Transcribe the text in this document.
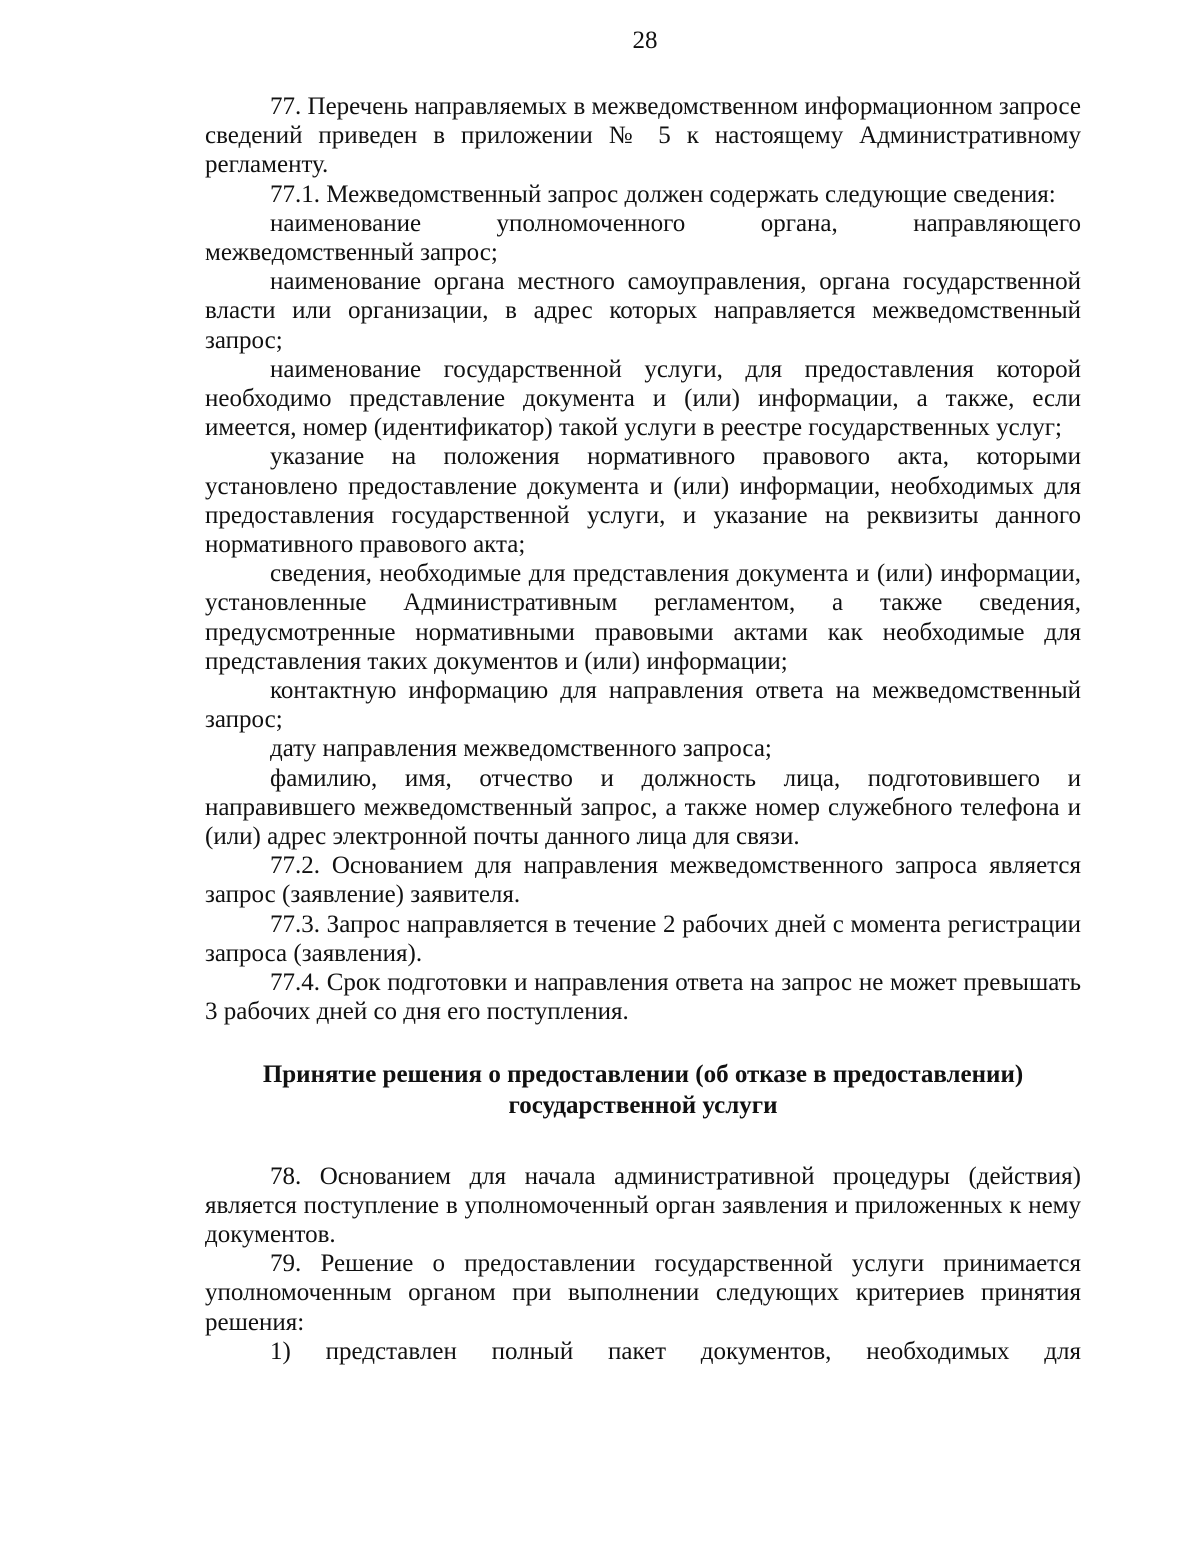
28

77. Перечень направляемых в межведомственном информационном запросе сведений приведен в приложении № 5 к настоящему Административному регламенту.

77.1. Межведомственный запрос должен содержать следующие сведения:

наименование уполномоченного органа, направляющего межведомственный запрос;

наименование органа местного самоуправления, органа государственной власти или организации, в адрес которых направляется межведомственный запрос;

наименование государственной услуги, для предоставления которой необходимо представление документа и (или) информации, а также, если имеется, номер (идентификатор) такой услуги в реестре государственных услуг;

указание на положения нормативного правового акта, которыми установлено предоставление документа и (или) информации, необходимых для предоставления государственной услуги, и указание на реквизиты данного нормативного правового акта;

сведения, необходимые для представления документа и (или) информации, установленные Административным регламентом, а также сведения, предусмотренные нормативными правовыми актами как необходимые для представления таких документов и (или) информации;

контактную информацию для направления ответа на межведомственный запрос;

дату направления межведомственного запроса;

фамилию, имя, отчество и должность лица, подготовившего и направившего межведомственный запрос, а также номер служебного телефона и (или) адрес электронной почты данного лица для связи.

77.2. Основанием для направления межведомственного запроса является запрос (заявление) заявителя.

77.3. Запрос направляется в течение 2 рабочих дней с момента регистрации запроса (заявления).

77.4. Срок подготовки и направления ответа на запрос не может превышать 3 рабочих дней со дня его поступления.

Принятие решения о предоставлении (об отказе в предоставлении)

государственной услуги

78. Основанием для начала административной процедуры (действия) является поступление в уполномоченный орган заявления и приложенных к нему документов.

79. Решение о предоставлении государственной услуги принимается уполномоченным органом при выполнении следующих критериев принятия решения:

1) представлен полный пакет документов, необходимых для
